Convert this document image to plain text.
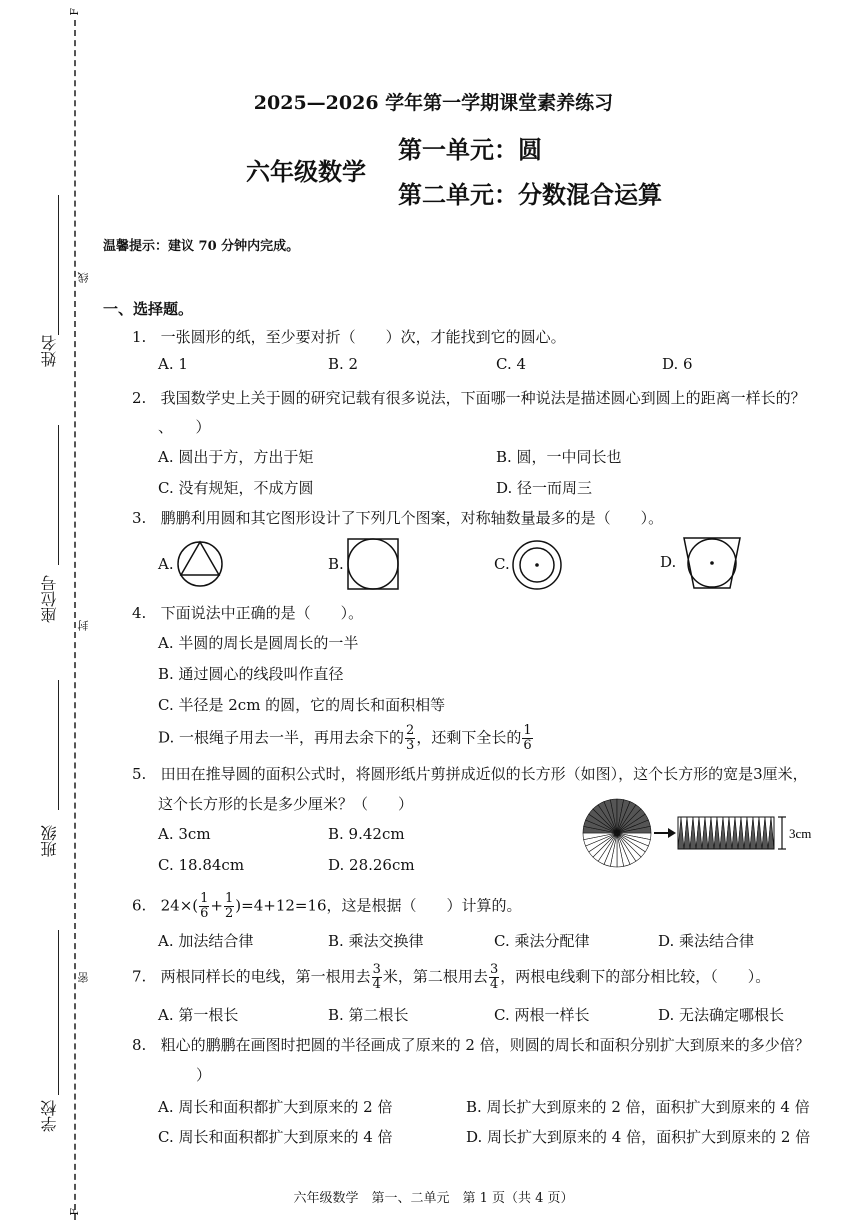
F
F
线
封
密
姓名
座位号
班级
学校
2025—2026 学年第一学期课堂素养练习
六年级数学
第一单元：圆
第二单元：分数混合运算
温馨提示：建议 70 分钟内完成。
一、选择题。
1. 一张圆形的纸，至少要对折（　　）次，才能找到它的圆心。
A. 1	B. 2	C. 4	D. 6
2. 我国数学史上关于圆的研究记载有很多说法，下面哪一种说法是描述圆心到圆上的距离一样长的？
、　　）
A. 圆出于方，方出于矩	B. 圆，一中同长也
C. 没有规矩，不成方圆	D. 径一而周三
3. 鹏鹏利用圆和其它图形设计了下列几个图案，对称轴数量最多的是（　　）。
A.	B.	C.	D.
4. 下面说法中正确的是（　　）。
A. 半圆的周长是圆周长的一半
B. 通过圆心的线段叫作直径
C. 半径是 2cm 的圆，它的周长和面积相等
D. 一根绳子用去一半，再用去余下的 $\frac{2}{3}$ ，还剩下全长的 $\frac{1}{6}$
5. 田田在推导圆的面积公式时，将圆形纸片剪拼成近似的长方形（如图），这个长方形的宽是3厘米，
这个长方形的长是多少厘米？（　　）
A. 3cm	B. 9.42cm
C. 18.84cm	D. 28.26cm
3cm
6. $24\times( \frac{1}{6} + \frac{1}{2} )=4+12=16$，这是根据（　　）计算的。
A. 加法结合律	B. 乘法交换律	C. 乘法分配律	D. 乘法结合律
7. 两根同样长的电线，第一根用去 $\frac{3}{4}$ 米，第二根用去 $\frac{3}{4}$ ，两根电线剩下的部分相比较，（　　）。
A. 第一根长	B. 第二根长	C. 两根一样长	D. 无法确定哪根长
8. 粗心的鹏鹏在画图时把圆的半径画成了原来的 2 倍，则圆的周长和面积分别扩大到原来的多少倍？
）
A. 周长和面积都扩大到原来的 2 倍	B. 周长扩大到原来的 2 倍，面积扩大到原来的 4 倍
C. 周长和面积都扩大到原来的 4 倍	D. 周长扩大到原来的 4 倍，面积扩大到原来的 2 倍
六年级数学　第一、二单元　第 1 页（共 4 页）
